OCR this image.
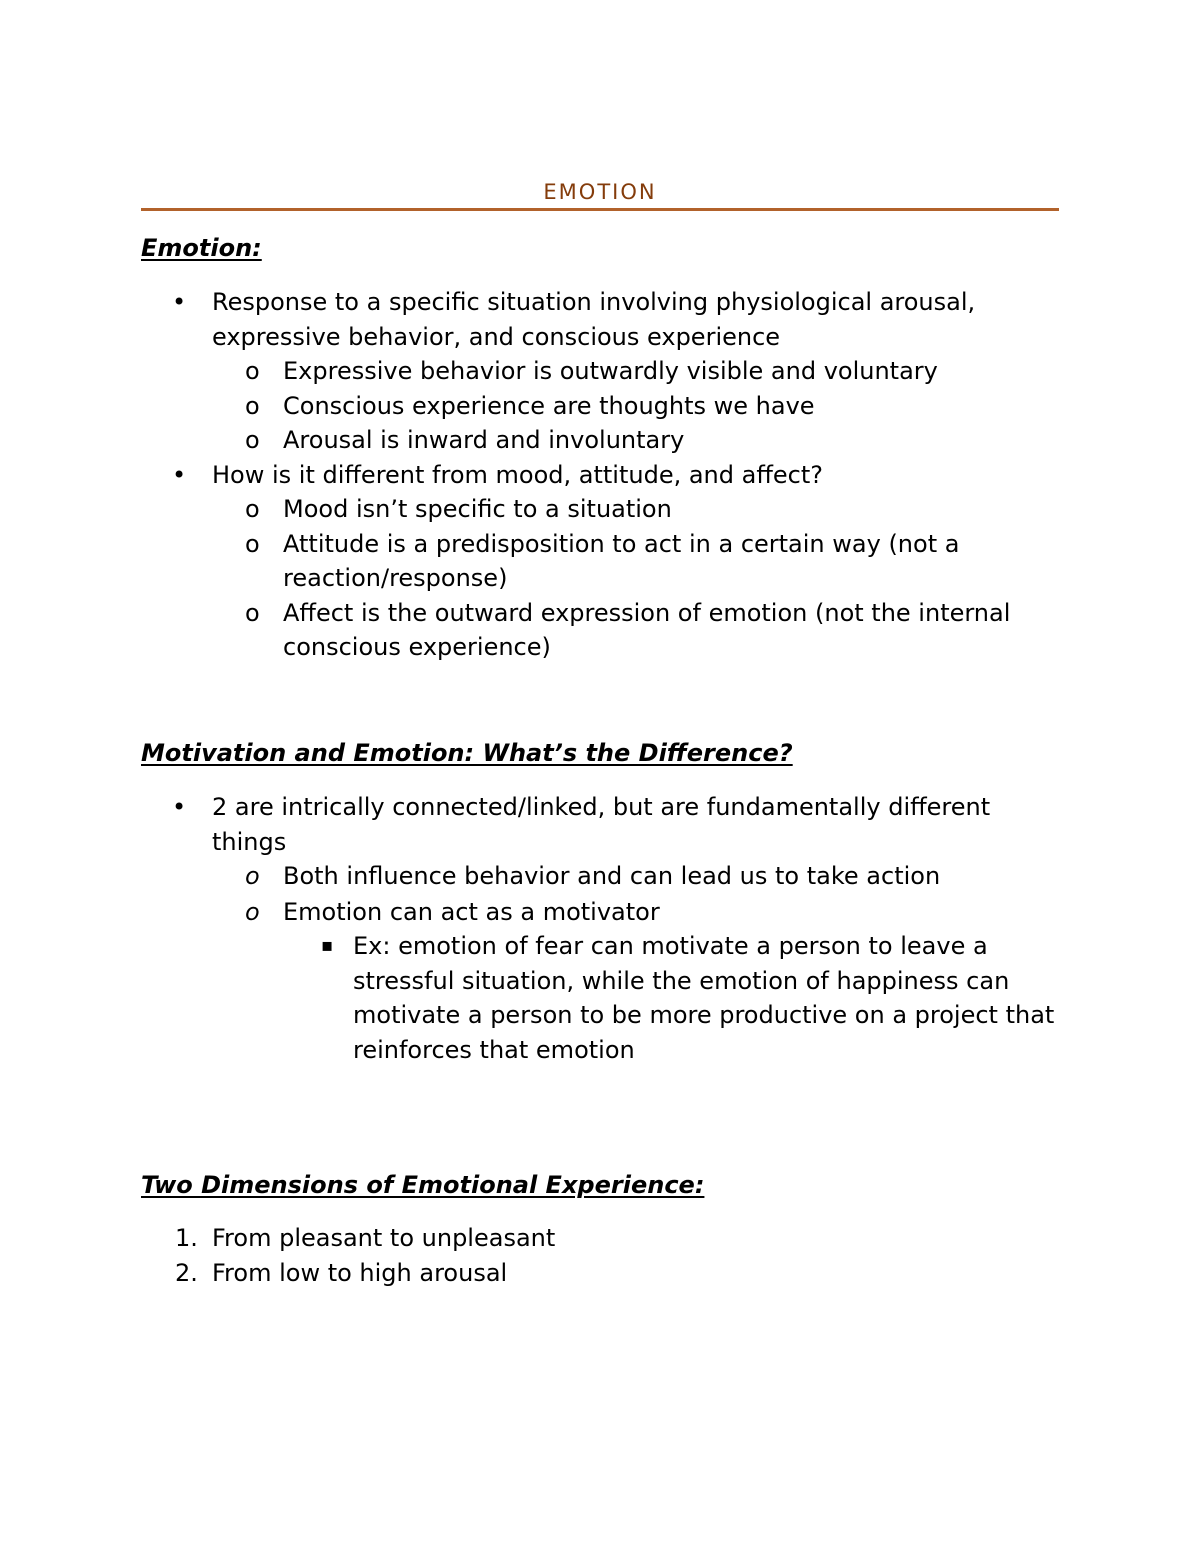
EMOTION
Emotion:
• Response to a specific situation involving physiological arousal, expressive behavior, and conscious experience
o Expressive behavior is outwardly visible and voluntary
o Conscious experience are thoughts we have
o Arousal is inward and involuntary
• How is it different from mood, attitude, and affect?
o Mood isn’t specific to a situation
o Attitude is a predisposition to act in a certain way (not a reaction/response)
o Affect is the outward expression of emotion (not the internal conscious experience)
Motivation and Emotion: What’s the Difference?
• 2 are intrically connected/linked, but are fundamentally different things
o Both influence behavior and can lead us to take action
o Emotion can act as a motivator
▪ Ex: emotion of fear can motivate a person to leave a stressful situation, while the emotion of happiness can motivate a person to be more productive on a project that reinforces that emotion
Two Dimensions of Emotional Experience:
1. From pleasant to unpleasant
2. From low to high arousal
